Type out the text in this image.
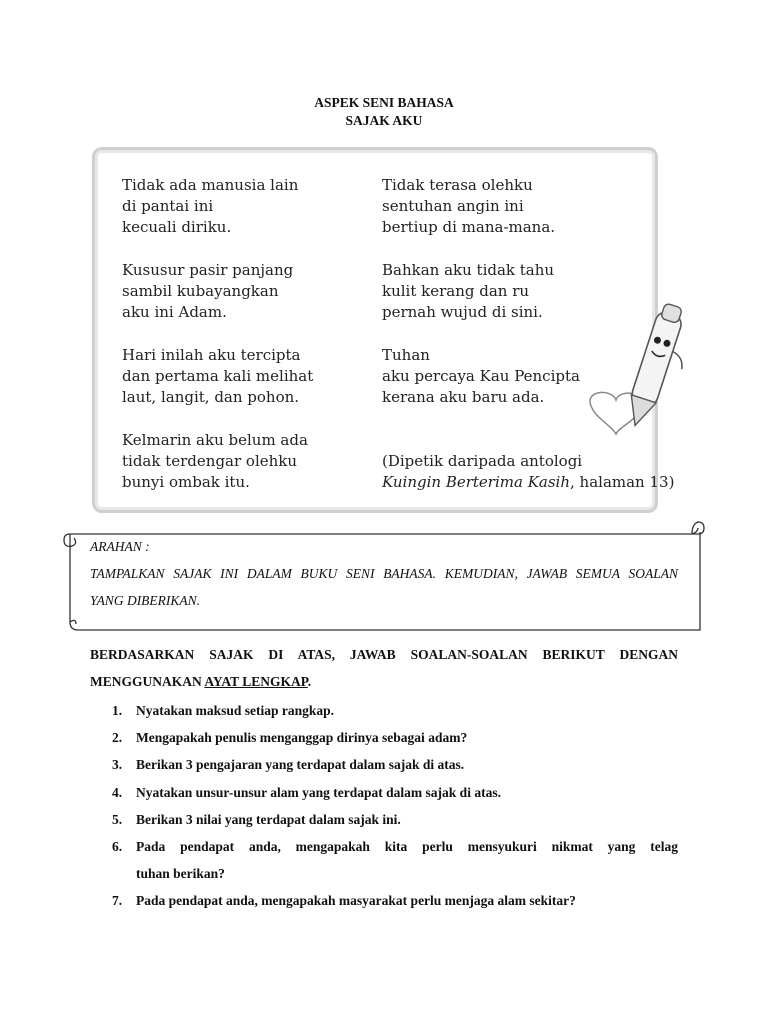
ASPEK SENI BAHASA
SAJAK AKU
Tidak ada manusia lain
di pantai ini
kecuali diriku.
Kususur pasir panjang
sambil kubayangkan
aku ini Adam.
Hari inilah aku tercipta
dan pertama kali melihat
laut, langit, dan pohon.
Kelmarin aku belum ada
tidak terdengar olehku
bunyi ombak itu.
Tidak terasa olehku
sentuhan angin ini
bertiup di mana-mana.
Bahkan aku tidak tahu
kulit kerang dan ru
pernah wujud di sini.
Tuhan
aku percaya Kau Pencipta
kerana aku baru ada.
(Dipetik daripada antologi
Kuingin Berterima Kasih, halaman 13)
ARAHAN :
TAMPALKAN SAJAK INI DALAM BUKU SENI BAHASA. KEMUDIAN, JAWAB SEMUA SOALAN
YANG DIBERIKAN.
BERDASARKAN SAJAK DI ATAS, JAWAB SOALAN-SOALAN BERIKUT DENGAN
MENGGUNAKAN AYAT LENGKAP.
1.	Nyatakan maksud setiap rangkap.
2.	Mengapakah penulis menganggap dirinya sebagai adam?
3.	Berikan 3 pengajaran yang terdapat dalam sajak di atas.
4.	Nyatakan unsur-unsur alam yang terdapat dalam sajak di atas.
5.	Berikan 3 nilai yang terdapat dalam sajak ini.
6.	Pada pendapat anda, mengapakah kita perlu mensyukuri nikmat yang telag
tuhan berikan?
7.	Pada pendapat anda, mengapakah masyarakat perlu menjaga alam sekitar?
